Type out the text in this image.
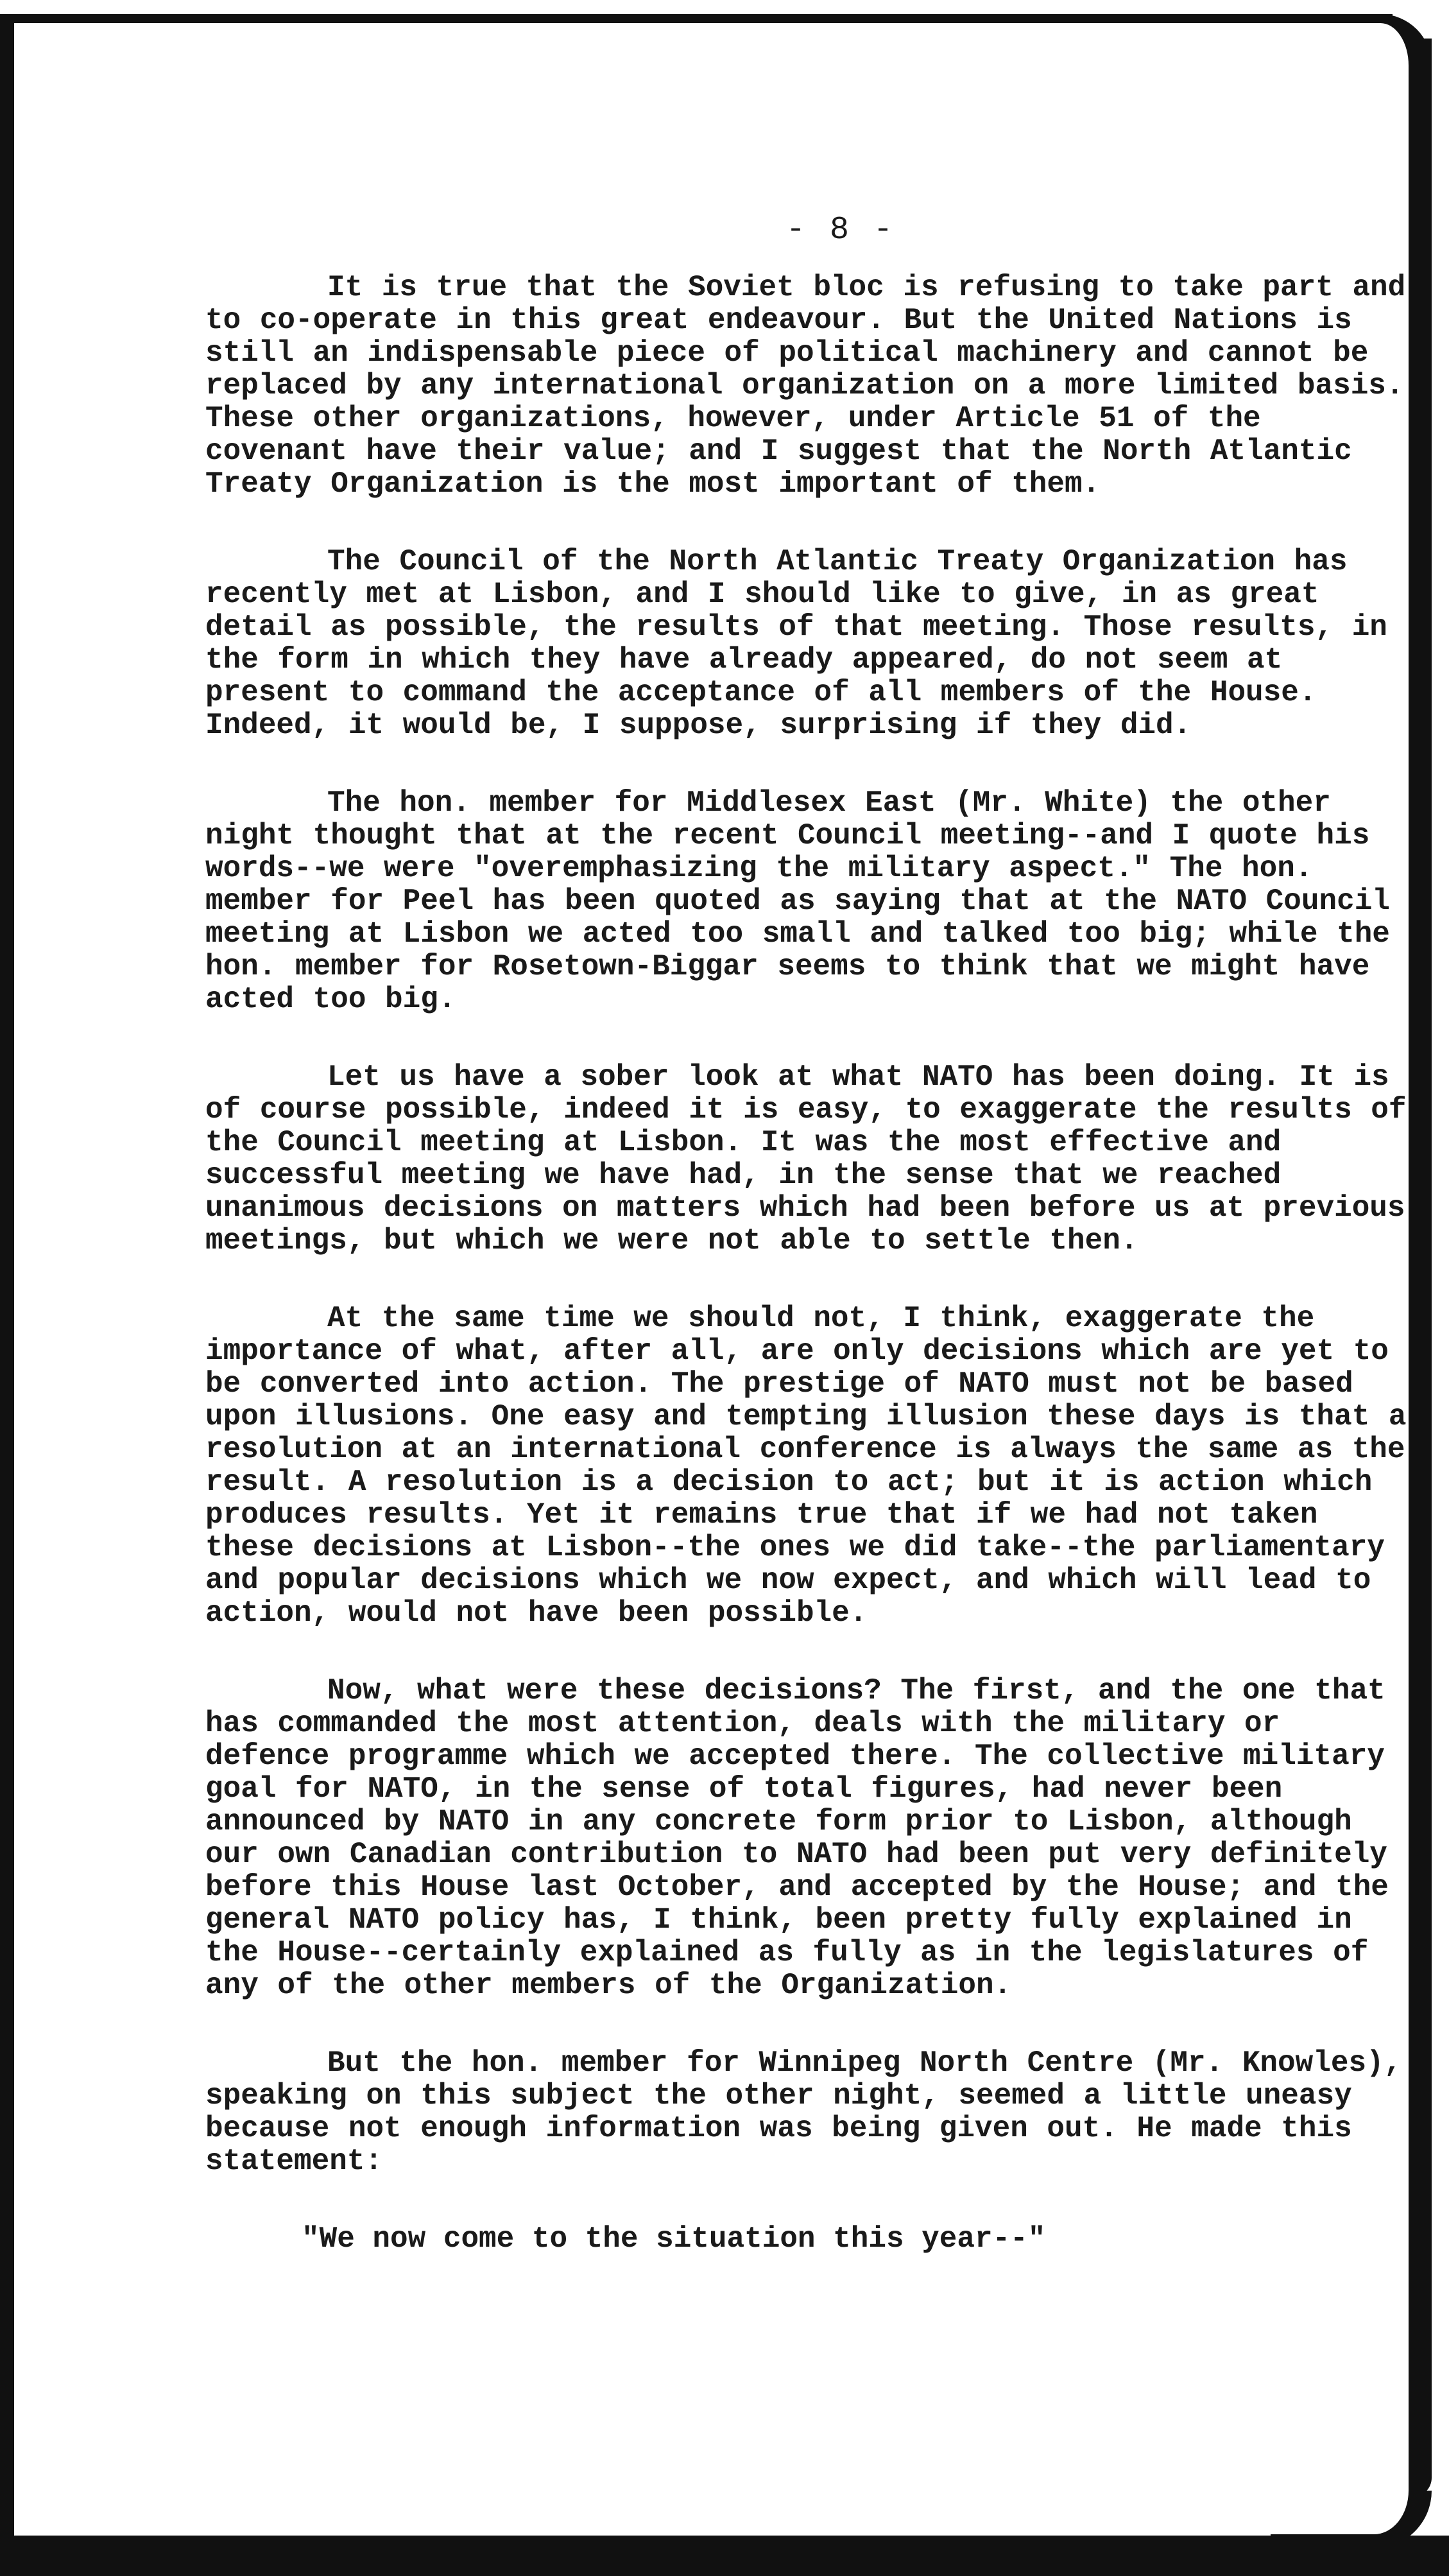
- 8 -

It is true that the Soviet bloc is refusing to take part and to co-operate in this great endeavour. But the United Nations is still an indispensable piece of political machinery and cannot be replaced by any international organization on a more limited basis. These other organizations, however, under Article 51 of the covenant have their value; and I suggest that the North Atlantic Treaty Organization is the most important of them.

The Council of the North Atlantic Treaty Organization has recently met at Lisbon, and I should like to give, in as great detail as possible, the results of that meeting. Those results, in the form in which they have already appeared, do not seem at present to command the acceptance of all members of the House. Indeed, it would be, I suppose, surprising if they did.

The hon. member for Middlesex East (Mr. White) the other night thought that at the recent Council meeting--and I quote his words--we were "overemphasizing the military aspect." The hon. member for Peel has been quoted as saying that at the NATO Council meeting at Lisbon we acted too small and talked too big; while the hon. member for Rosetown-Biggar seems to think that we might have acted too big.

Let us have a sober look at what NATO has been doing. It is of course possible, indeed it is easy, to exaggerate the results of the Council meeting at Lisbon. It was the most effective and successful meeting we have had, in the sense that we reached unanimous decisions on matters which had been before us at previous meetings, but which we were not able to settle then.

At the same time we should not, I think, exaggerate the importance of what, after all, are only decisions which are yet to be converted into action. The prestige of NATO must not be based upon illusions. One easy and tempting illusion these days is that a resolution at an international conference is always the same as the result. A resolution is a decision to act; but it is action which produces results. Yet it remains true that if we had not taken these decisions at Lisbon--the ones we did take--the parliamentary and popular decisions which we now expect, and which will lead to action, would not have been possible.

Now, what were these decisions? The first, and the one that has commanded the most attention, deals with the military or defence programme which we accepted there. The collective military goal for NATO, in the sense of total figures, had never been announced by NATO in any concrete form prior to Lisbon, although our own Canadian contribution to NATO had been put very definitely before this House last October, and accepted by the House; and the general NATO policy has, I think, been pretty fully explained in the House--certainly explained as fully as in the legislatures of any of the other members of the Organization.

But the hon. member for Winnipeg North Centre (Mr. Knowles), speaking on this subject the other night, seemed a little uneasy because not enough information was being given out. He made this statement:

"We now come to the situation this year--"
